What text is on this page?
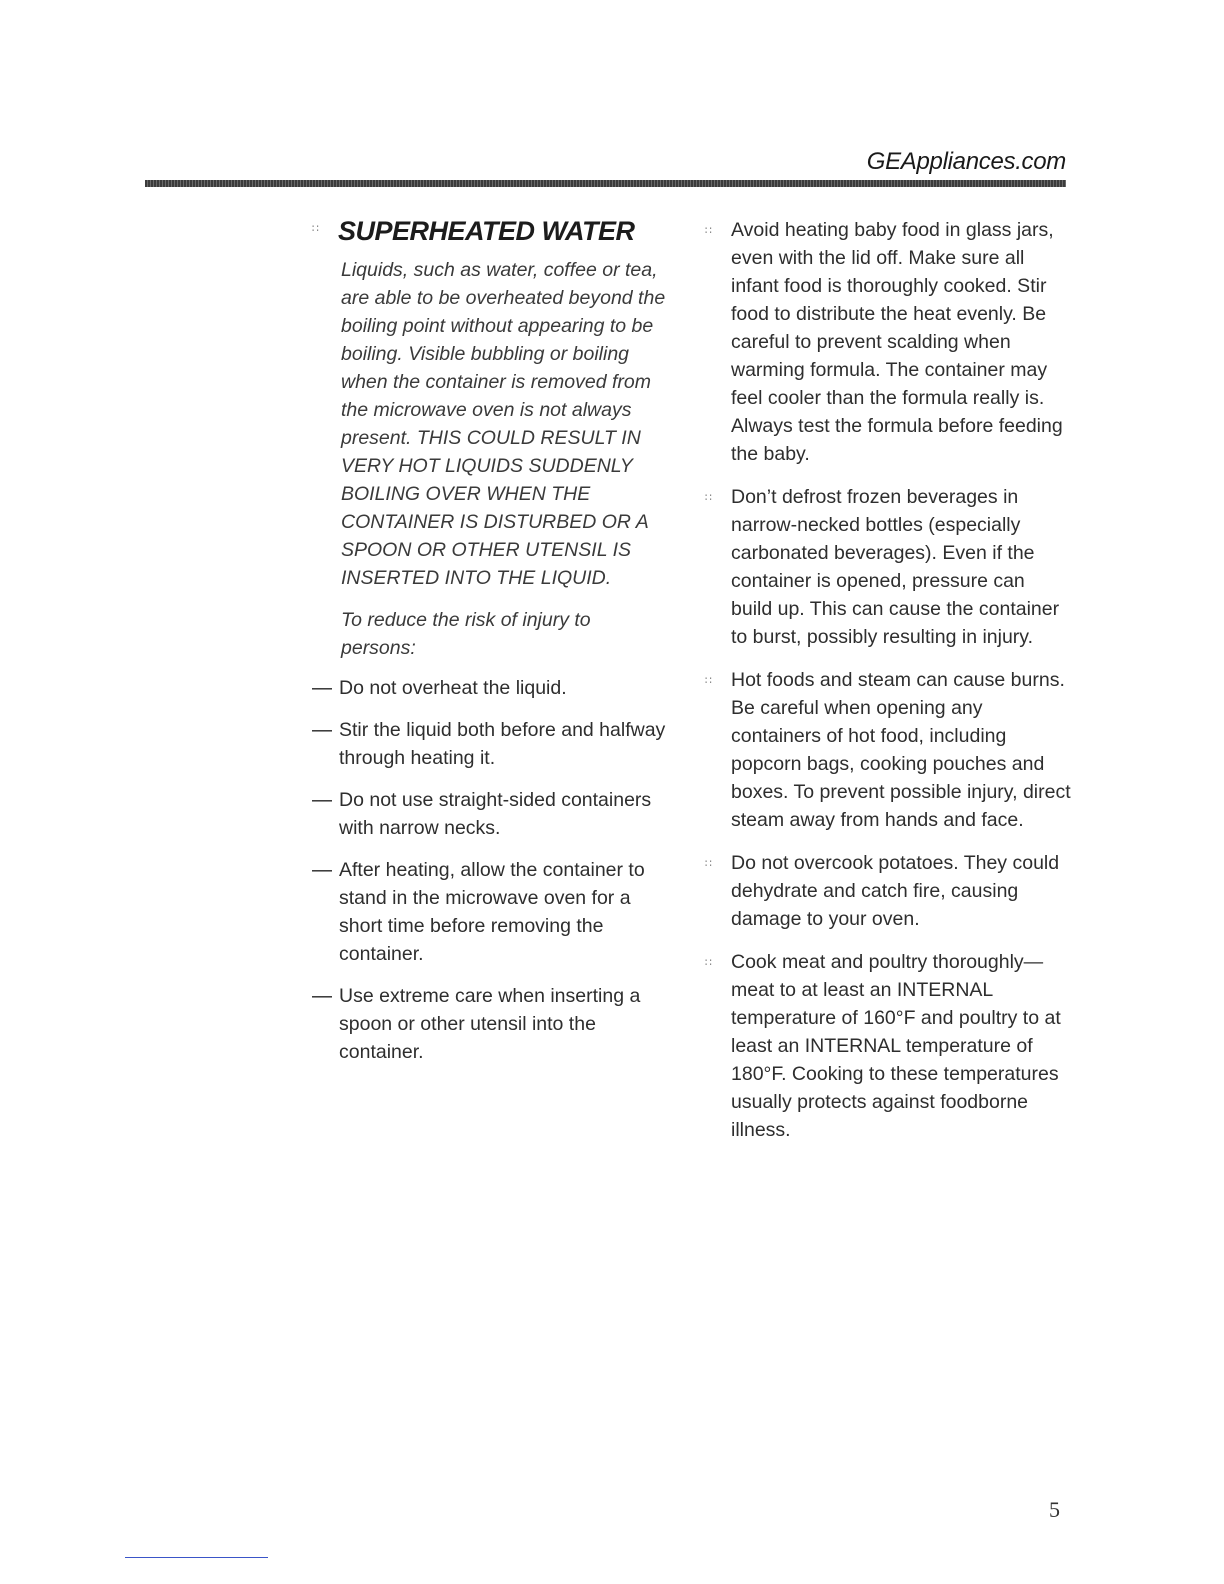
GEAppliances.com
∷ SUPERHEATED WATER
Liquids, such as water, coffee or tea, are able to be overheated beyond the boiling point without appearing to be boiling. Visible bubbling or boiling when the container is removed from the microwave oven is not always present. THIS COULD RESULT IN VERY HOT LIQUIDS SUDDENLY BOILING OVER WHEN THE CONTAINER IS DISTURBED OR A SPOON OR OTHER UTENSIL IS INSERTED INTO THE LIQUID.
To reduce the risk of injury to persons:
— Do not overheat the liquid.
— Stir the liquid both before and halfway through heating it.
— Do not use straight-sided containers with narrow necks.
— After heating, allow the container to stand in the microwave oven for a short time before removing the container.
— Use extreme care when inserting a spoon or other utensil into the container.
∷	Avoid heating baby food in glass jars, even with the lid off. Make sure all infant food is thoroughly cooked. Stir food to distribute the heat evenly. Be careful to prevent scalding when warming formula. The container may feel cooler than the formula really is. Always test the formula before feeding the baby.
∷	Don’t defrost frozen beverages in narrow-necked bottles (especially carbonated beverages). Even if the container is opened, pressure can build up. This can cause the container to burst, possibly resulting in injury.
∷	Hot foods and steam can cause burns. Be careful when opening any containers of hot food, including popcorn bags, cooking pouches and boxes. To prevent possible injury, direct steam away from hands and face.
∷	Do not overcook potatoes. They could dehydrate and catch fire, causing damage to your oven.
∷	Cook meat and poultry thoroughly—meat to at least an INTERNAL temperature of 160°F and poultry to at least an INTERNAL temperature of 180°F. Cooking to these temperatures usually protects against foodborne illness.
5
